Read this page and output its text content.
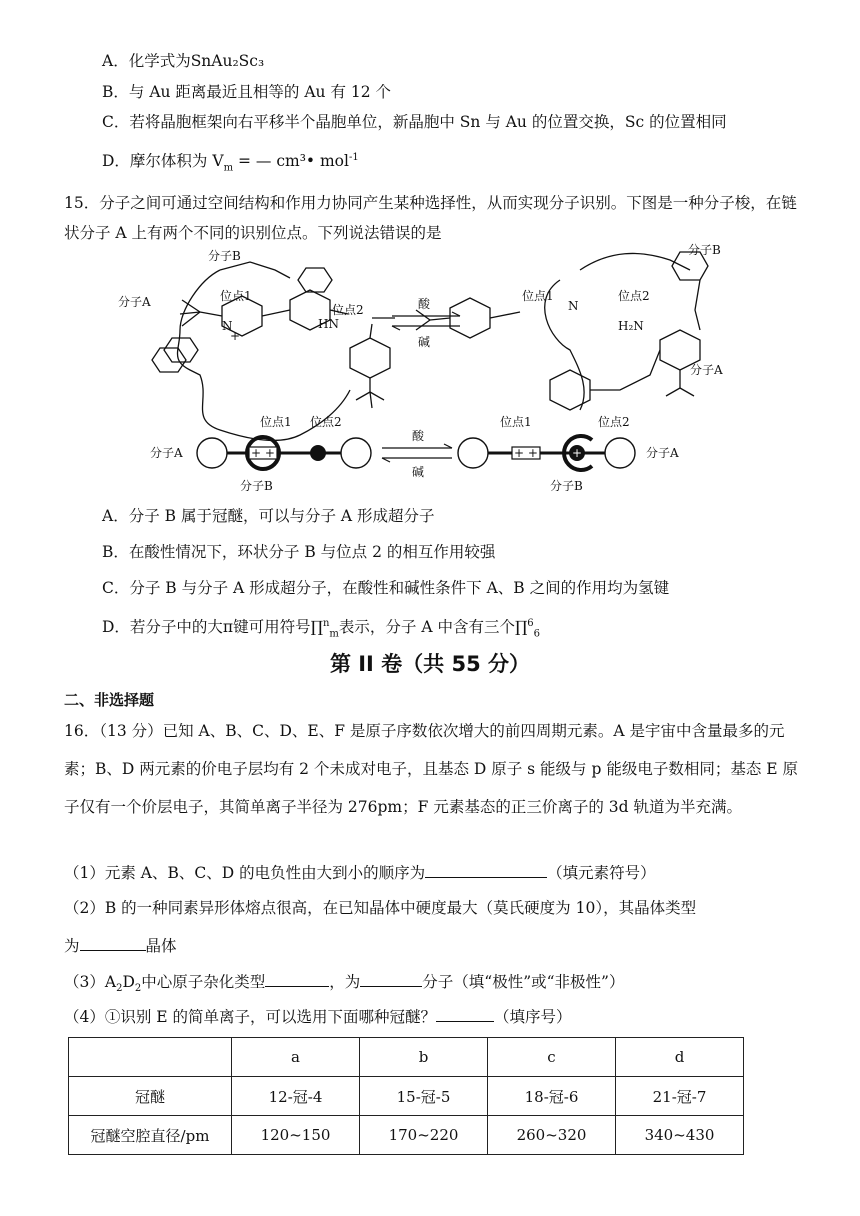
A．化学式为SnAu₂Sc₃
B．与 Au 距离最近且相等的 Au 有 12 个
C．若将晶胞框架向右平移半个晶胞单位，新晶胞中 Sn 与 Au 的位置交换，Sc 的位置相同
D．摩尔体积为 $V_m$ = — cm³• mol$^{-1}$
15．分子之间可通过空间结构和作用力协同产生某种选择性，从而实现分子识别。下图是一种分子梭，在链状分子 A 上有两个不同的识别位点。下列说法错误的是
分子B
分子A
N
+
位点1
位点2
HN
酸
碱
分子B
分子A
位点1	位点2
H₂N
N
分子A	+ +
位点1 位点2
分子B
酸
碱
+ +
位点1	位点2
分子B
分子A
+
A．分子 B 属于冠醚，可以与分子 A 形成超分子
B．在酸性情况下，环状分子 B 与位点 2 的相互作用较强
C．分子 B 与分子 A 形成超分子，在酸性和碱性条件下 A、B 之间的作用均为氢键
D．若分子中的大π键可用符号∏$^n_m$表示，分子 A 中含有三个∏$^6_6$
第 II 卷（共 55 分）
二、非选择题
16．（13 分）已知 A、B、C、D、E、F 是原子序数依次增大的前四周期元素。A 是宇宙中含量最多的元素；B、D 两元素的价电子层均有 2 个未成对电子，且基态 D 原子 s 能级与 p 能级电子数相同；基态 E 原子仅有一个价层电子，其简单离子半径为 276pm；F 元素基态的正三价离子的 3d 轨道为半充满。
（1）元素 A、B、C、D 的电负性由大到小的顺序为	（填元素符号）
（2）B 的一种同素异形体熔点很高，在已知晶体中硬度最大（莫氏硬度为 10），其晶体类型
为	晶体
$(3)A_2D_2$中心原子杂化类型	，为	分子（填“极性”或“非极性”）
（4）①识别 E 的简单离子，可以选用下面哪种冠醚？	（填序号）
	a	b	c	d
冠醚	12-冠-4	15-冠-5	18-冠-6	21-冠-7
冠醚空腔直径/pm	120~150	170~220	260~320	340~430
